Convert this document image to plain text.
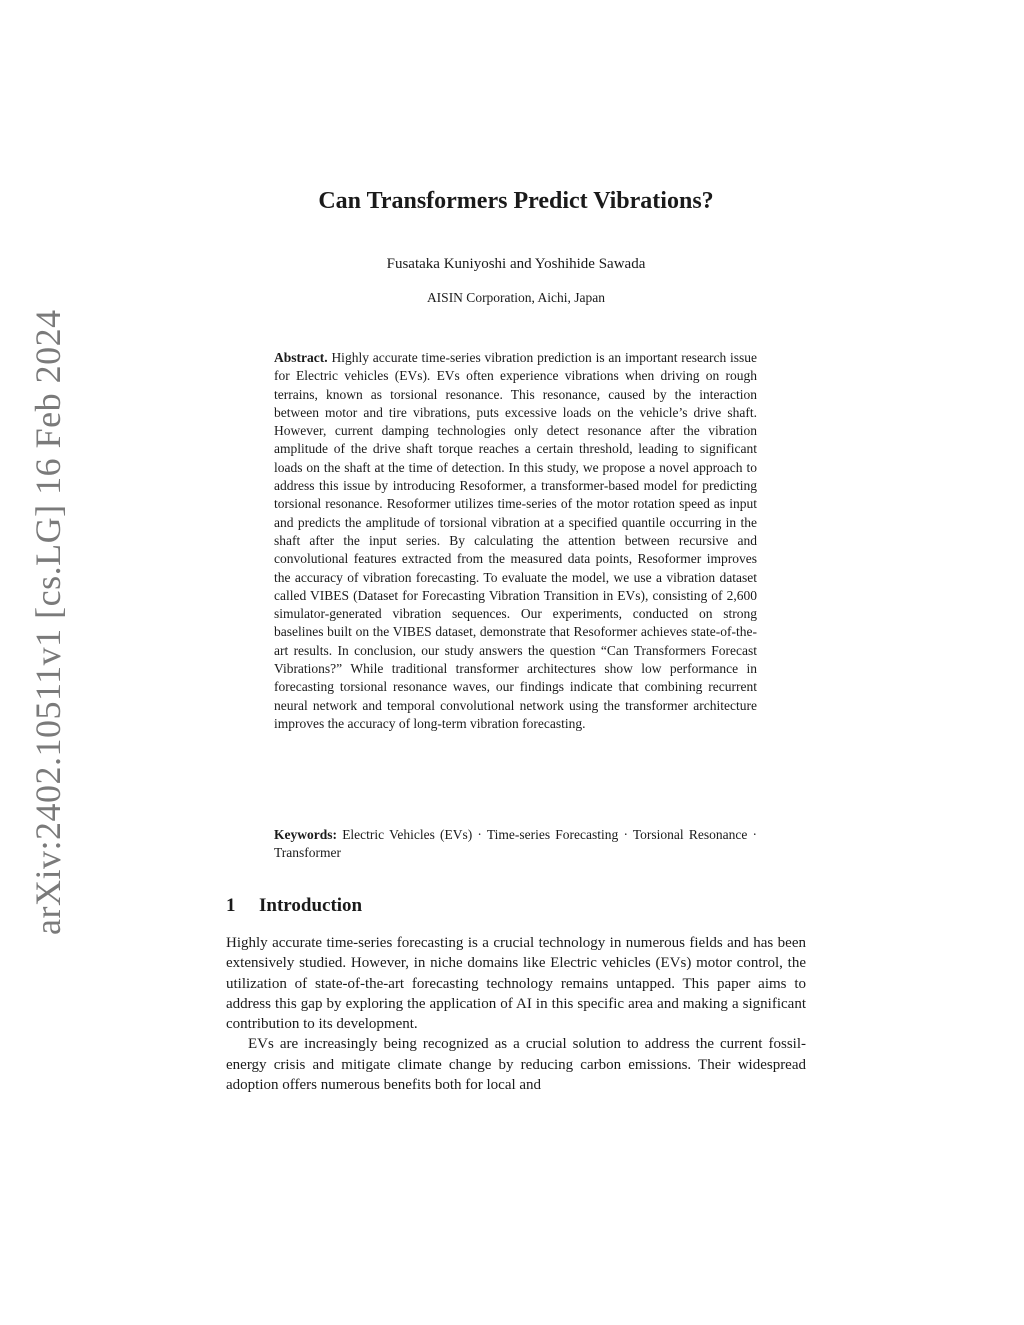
arXiv:2402.10511v1 [cs.LG] 16 Feb 2024
Can Transformers Predict Vibrations?
Fusataka Kuniyoshi and Yoshihide Sawada
AISIN Corporation, Aichi, Japan
Abstract. Highly accurate time-series vibration prediction is an important research issue for Electric vehicles (EVs). EVs often experience vibrations when driving on rough terrains, known as torsional resonance. This resonance, caused by the interaction between motor and tire vibrations, puts excessive loads on the vehicle’s drive shaft. However, current damping technologies only detect resonance after the vibration amplitude of the drive shaft torque reaches a certain threshold, leading to significant loads on the shaft at the time of detection. In this study, we propose a novel approach to address this issue by introducing Resoformer, a transformer-based model for predicting torsional resonance. Resoformer utilizes time-series of the motor rotation speed as input and predicts the amplitude of torsional vibration at a specified quantile occurring in the shaft after the input series. By calculating the attention between recursive and convolutional features extracted from the measured data points, Resoformer improves the accuracy of vibration forecasting. To evaluate the model, we use a vibration dataset called VIBES (Dataset for Forecasting Vibration Transition in EVs), consisting of 2,600 simulator-generated vibration sequences. Our experiments, conducted on strong baselines built on the VIBES dataset, demonstrate that Resoformer achieves state-of-the-art results. In conclusion, our study answers the question “Can Transformers Forecast Vibrations?” While traditional transformer architectures show low performance in forecasting torsional resonance waves, our findings indicate that combining recurrent neural network and temporal convolutional network using the transformer architecture improves the accuracy of long-term vibration forecasting.
Keywords: Electric Vehicles (EVs) · Time-series Forecasting · Torsional Resonance · Transformer
1 Introduction

Highly accurate time-series forecasting is a crucial technology in numerous fields and has been extensively studied. However, in niche domains like Electric vehicles (EVs) motor control, the utilization of state-of-the-art forecasting technology remains untapped. This paper aims to address this gap by exploring the application of AI in this specific area and making a significant contribution to its development.

EVs are increasingly being recognized as a crucial solution to address the current fossil-energy crisis and mitigate climate change by reducing carbon emissions. Their widespread adoption offers numerous benefits both for local and
